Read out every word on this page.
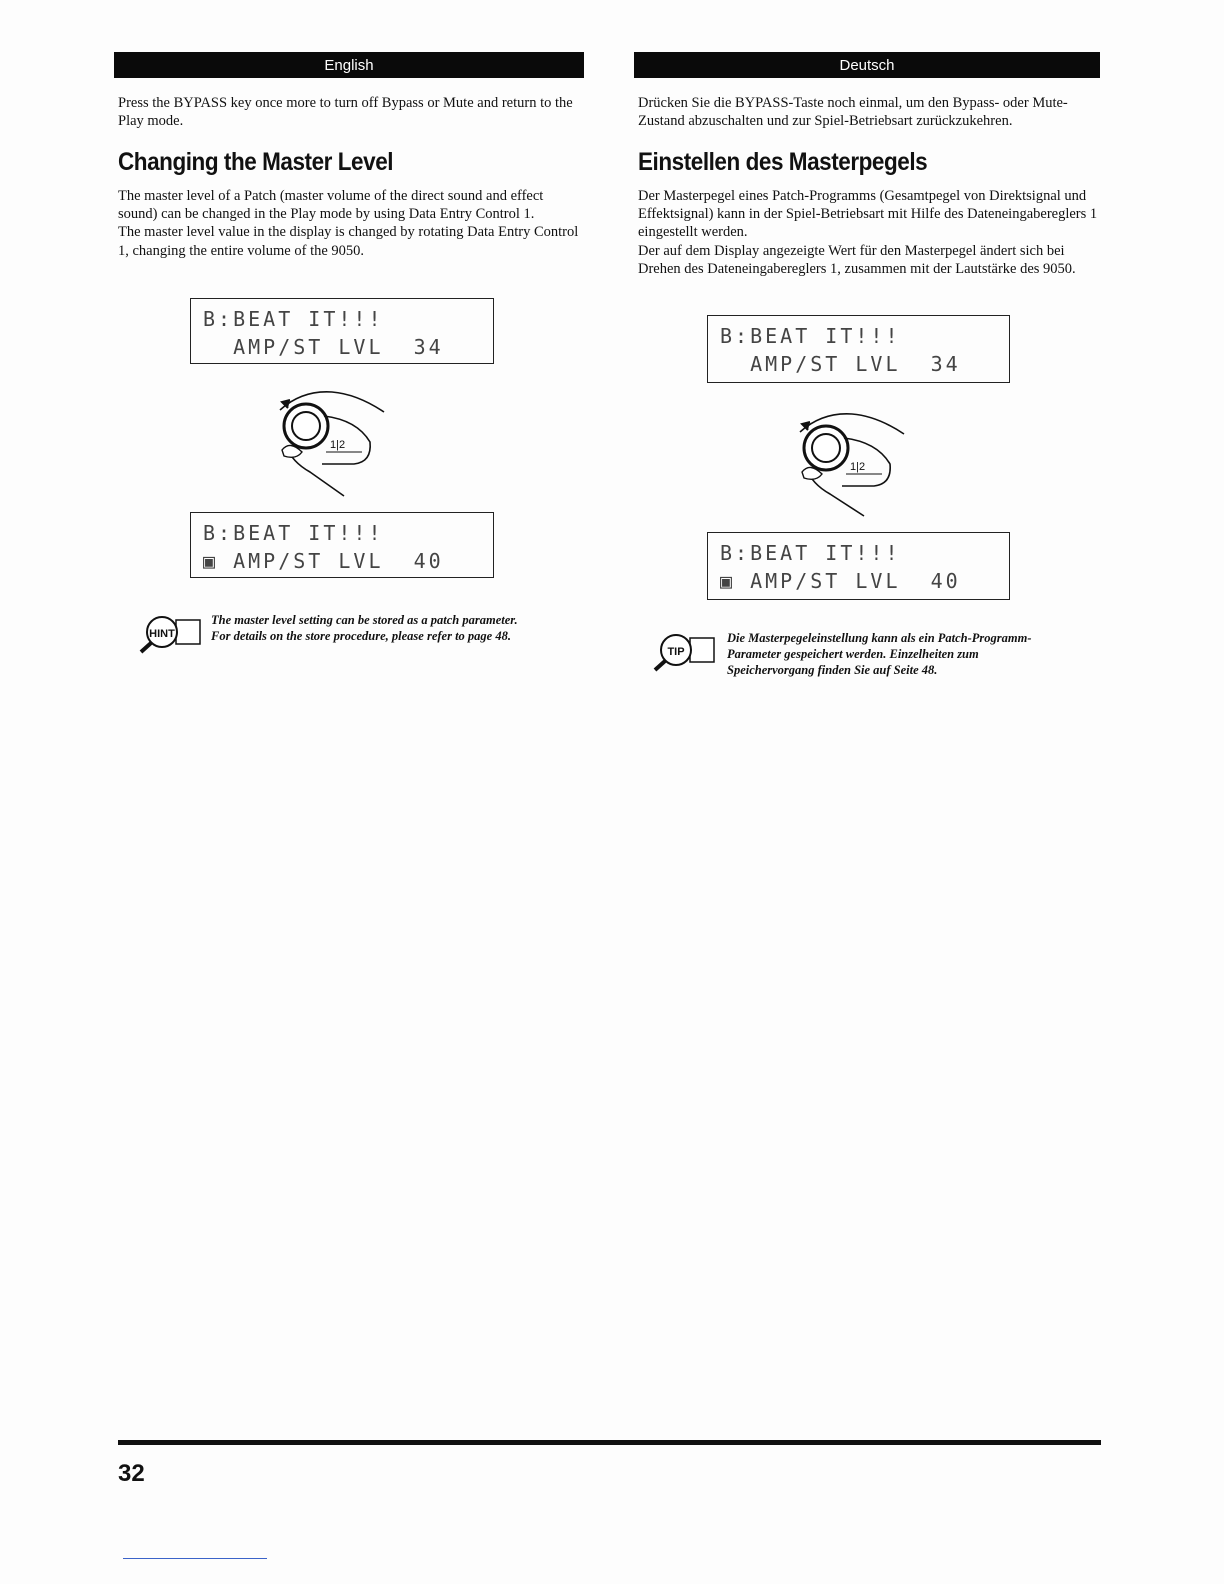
English
Press the BYPASS key once more to turn off Bypass or Mute and return to the Play mode.
Changing the Master Level

The master level of a Patch (master volume of the direct sound and effect sound) can be changed in the Play mode by using Data Entry Control 1.

The master level value in the display is changed by rotating Data Entry Control 1, changing the entire volume of the 9050.

B:BEAT IT!!!
AMP/ST LVL  34
1|2
B:BEAT IT!!!
▣ AMP/ST LVL  40
HINT
The master level setting can be stored as a patch parameter.
For details on the store procedure, please refer to page 48.
Deutsch
Drücken Sie die BYPASS-Taste noch einmal, um den Bypass- oder Mute-Zustand abzuschalten und zur Spiel-Betriebsart zurückzukehren.
Einstellen des Masterpegels

Der Masterpegel eines Patch-Programms (Gesamtpegel von Direktsignal und Effektsignal) kann in der Spiel-Betriebsart mit Hilfe des Dateneingabereglers 1 eingestellt werden.

Der auf dem Display angezeigte Wert für den Masterpegel ändert sich bei Drehen des Dateneingabereglers 1, zusammen mit der Lautstärke des 9050.

B:BEAT IT!!!
AMP/ST LVL  34
1|2
B:BEAT IT!!!
▣ AMP/ST LVL  40
TIP
Die Masterpegeleinstellung kann als ein Patch-Programm-
Parameter gespeichert werden. Einzelheiten zum
Speichervorgang finden Sie auf Seite 48.
32
